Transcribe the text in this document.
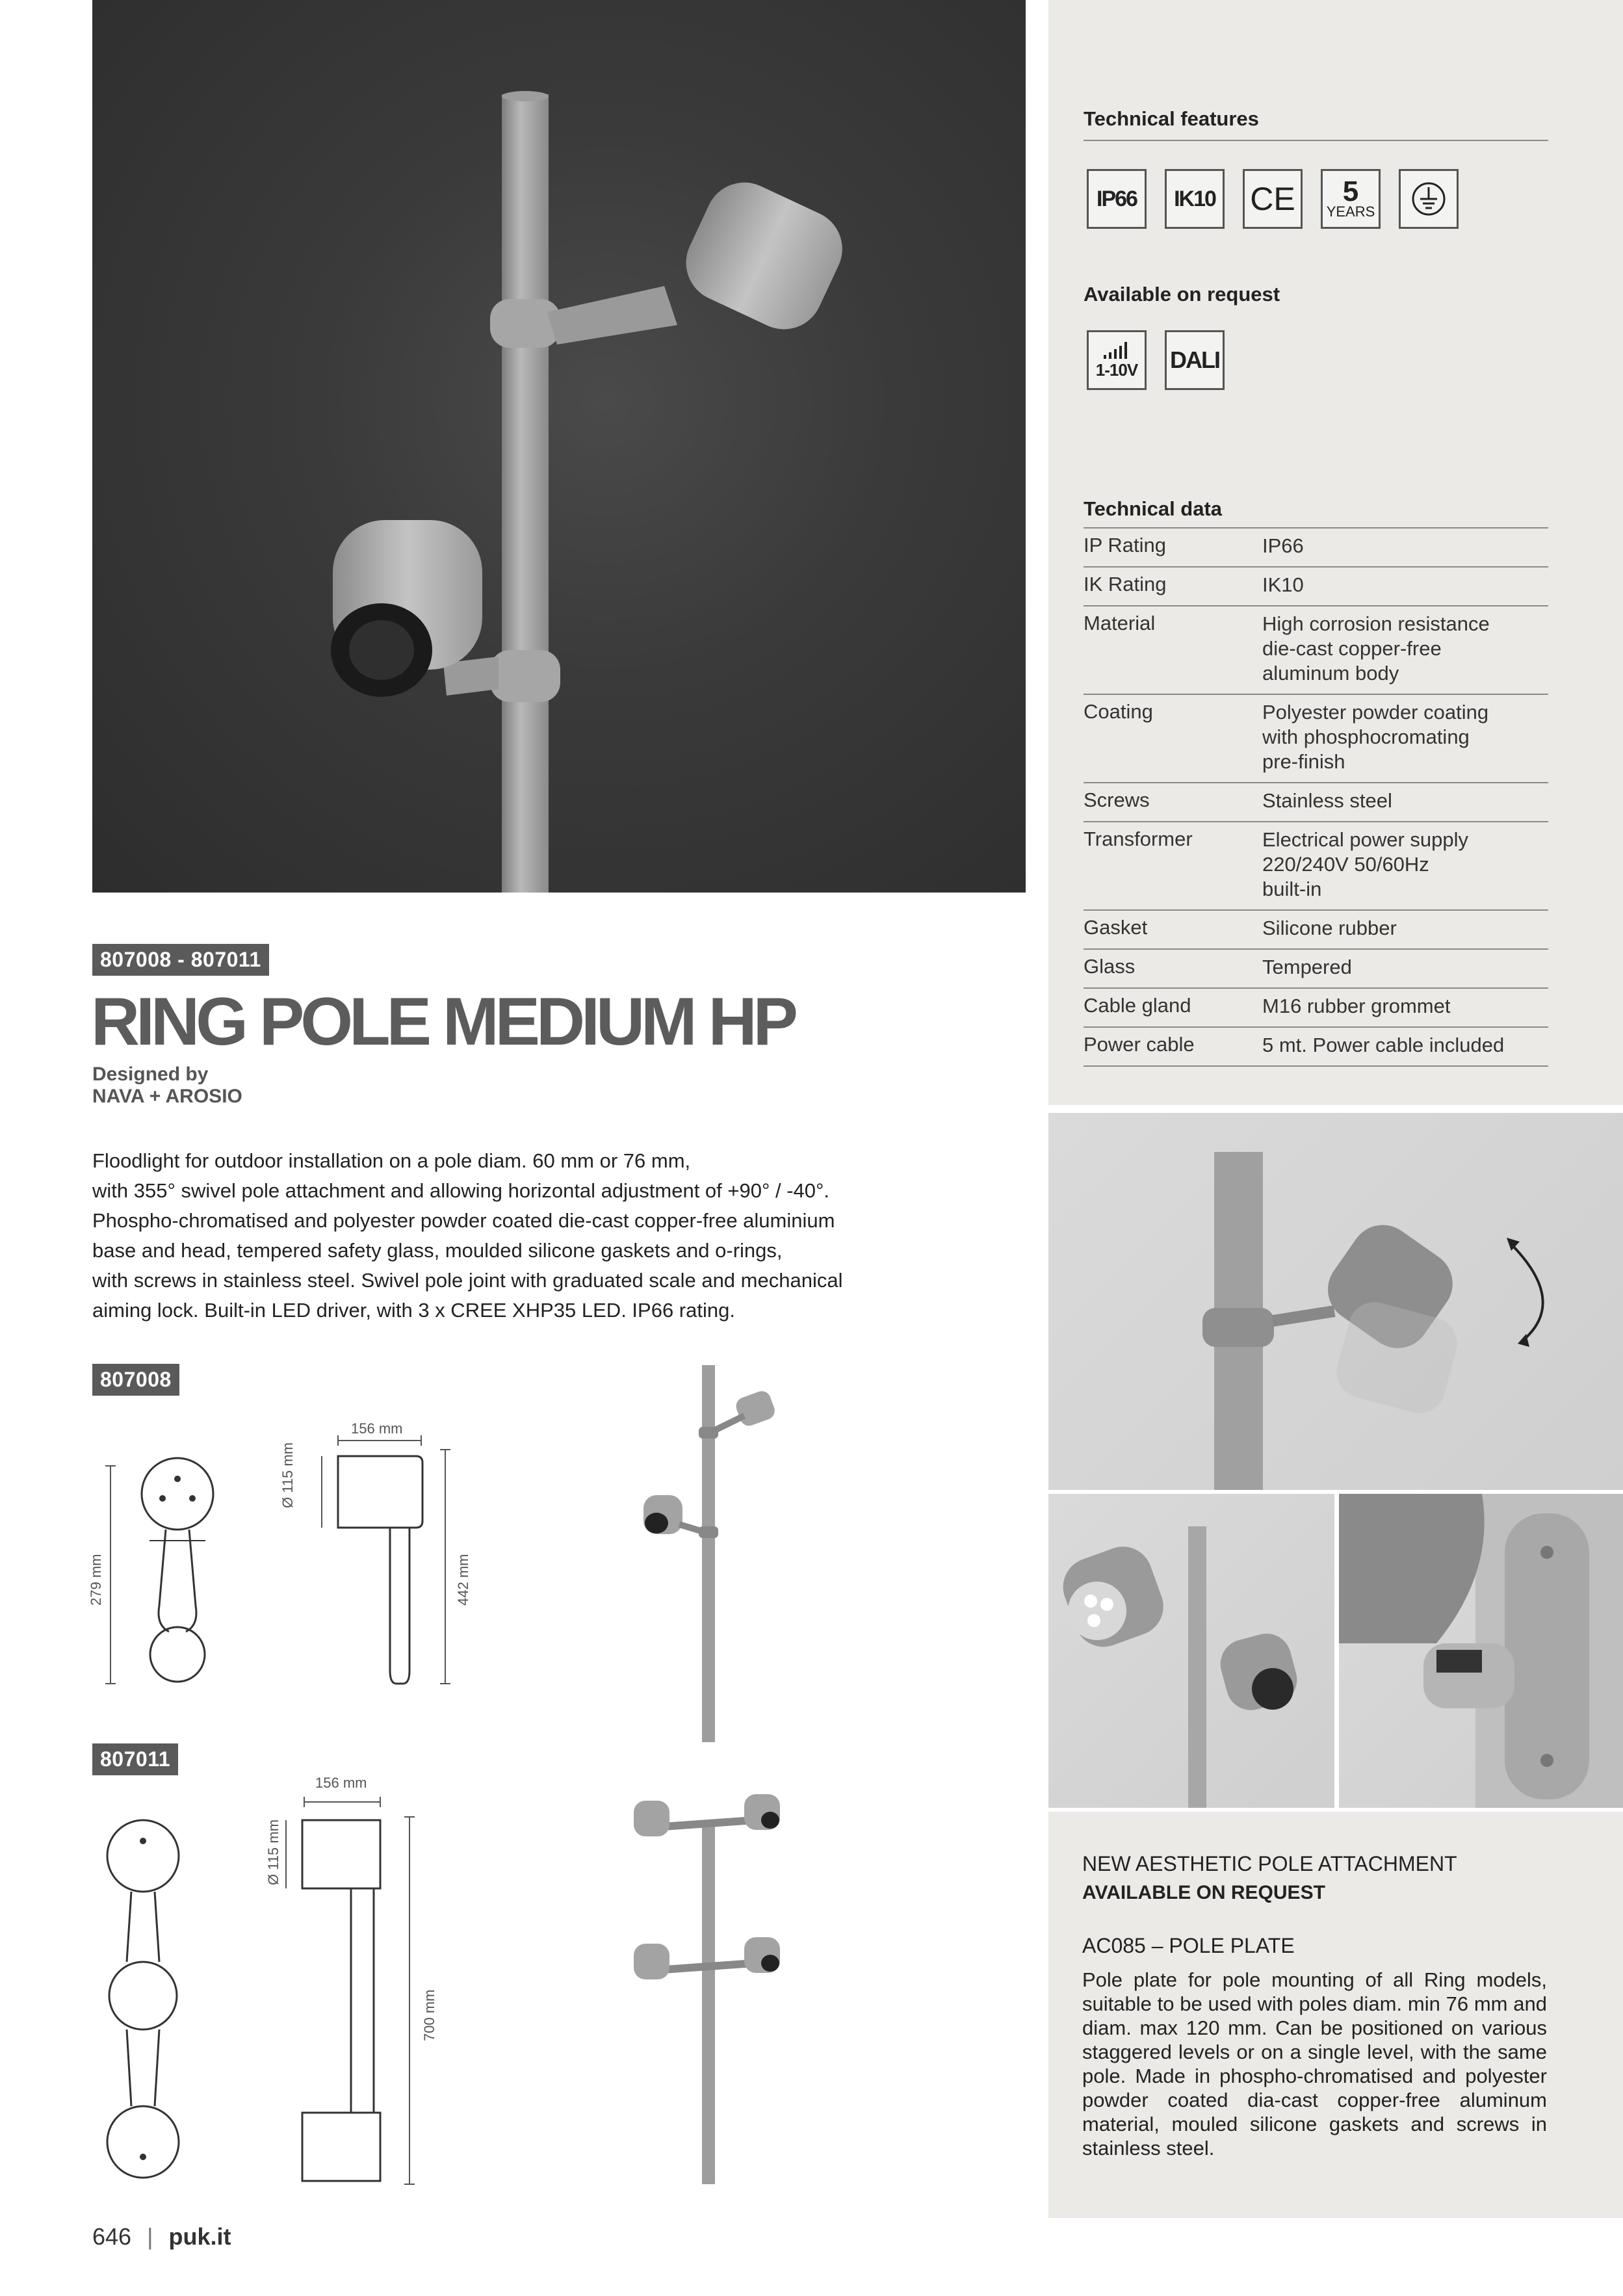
Technical features
IP66 IK10 CE 5
YEARS
Available on request
1-10V DALI
Technical data
IP Rating	IP66
IK Rating	IK10
Material	High corrosion resistance
die-cast copper-free
aluminum body
Coating	Polyester powder coating
with phosphocromating
pre-finish
Screws	Stainless steel
Transformer	Electrical power supply
220/240V 50/60Hz
built-in
Gasket	Silicone rubber
Glass	Tempered
Cable gland	M16 rubber grommet
Power cable	5 mt. Power cable included
807008 - 807011
RING POLE MEDIUM HP
Designed by
NAVA + AROSIO
Floodlight for outdoor installation on a pole diam. 60 mm or 76 mm,
with 355° swivel pole attachment and allowing horizontal adjustment of +90° / -40°.
Phospho-chromatised and polyester powder coated die-cast copper-free aluminium
base and head, tempered safety glass, moulded silicone gaskets and o-rings,
with screws in stainless steel. Swivel pole joint with graduated scale and mechanical
aiming lock. Built-in LED driver, with 3 x CREE XHP35 LED. IP66 rating.
807008
156 mm
Ø 115 mm
279 mm	442 mm
807011
156 mm
Ø 115 mm
700 mm
NEW AESTHETIC POLE ATTACHMENT
AVAILABLE ON REQUEST
AC085 – POLE PLATE
Pole plate for pole mounting of all Ring models, suitable to be used with poles diam. min 76 mm and diam. max 120 mm. Can be positioned on various staggered levels or on a single level, with the same pole. Made in phospho-chromatised and polyester powder coated dia-cast copper-free aluminum material, mouled silicone gaskets and screws in stainless steel.
646 | puk.it
